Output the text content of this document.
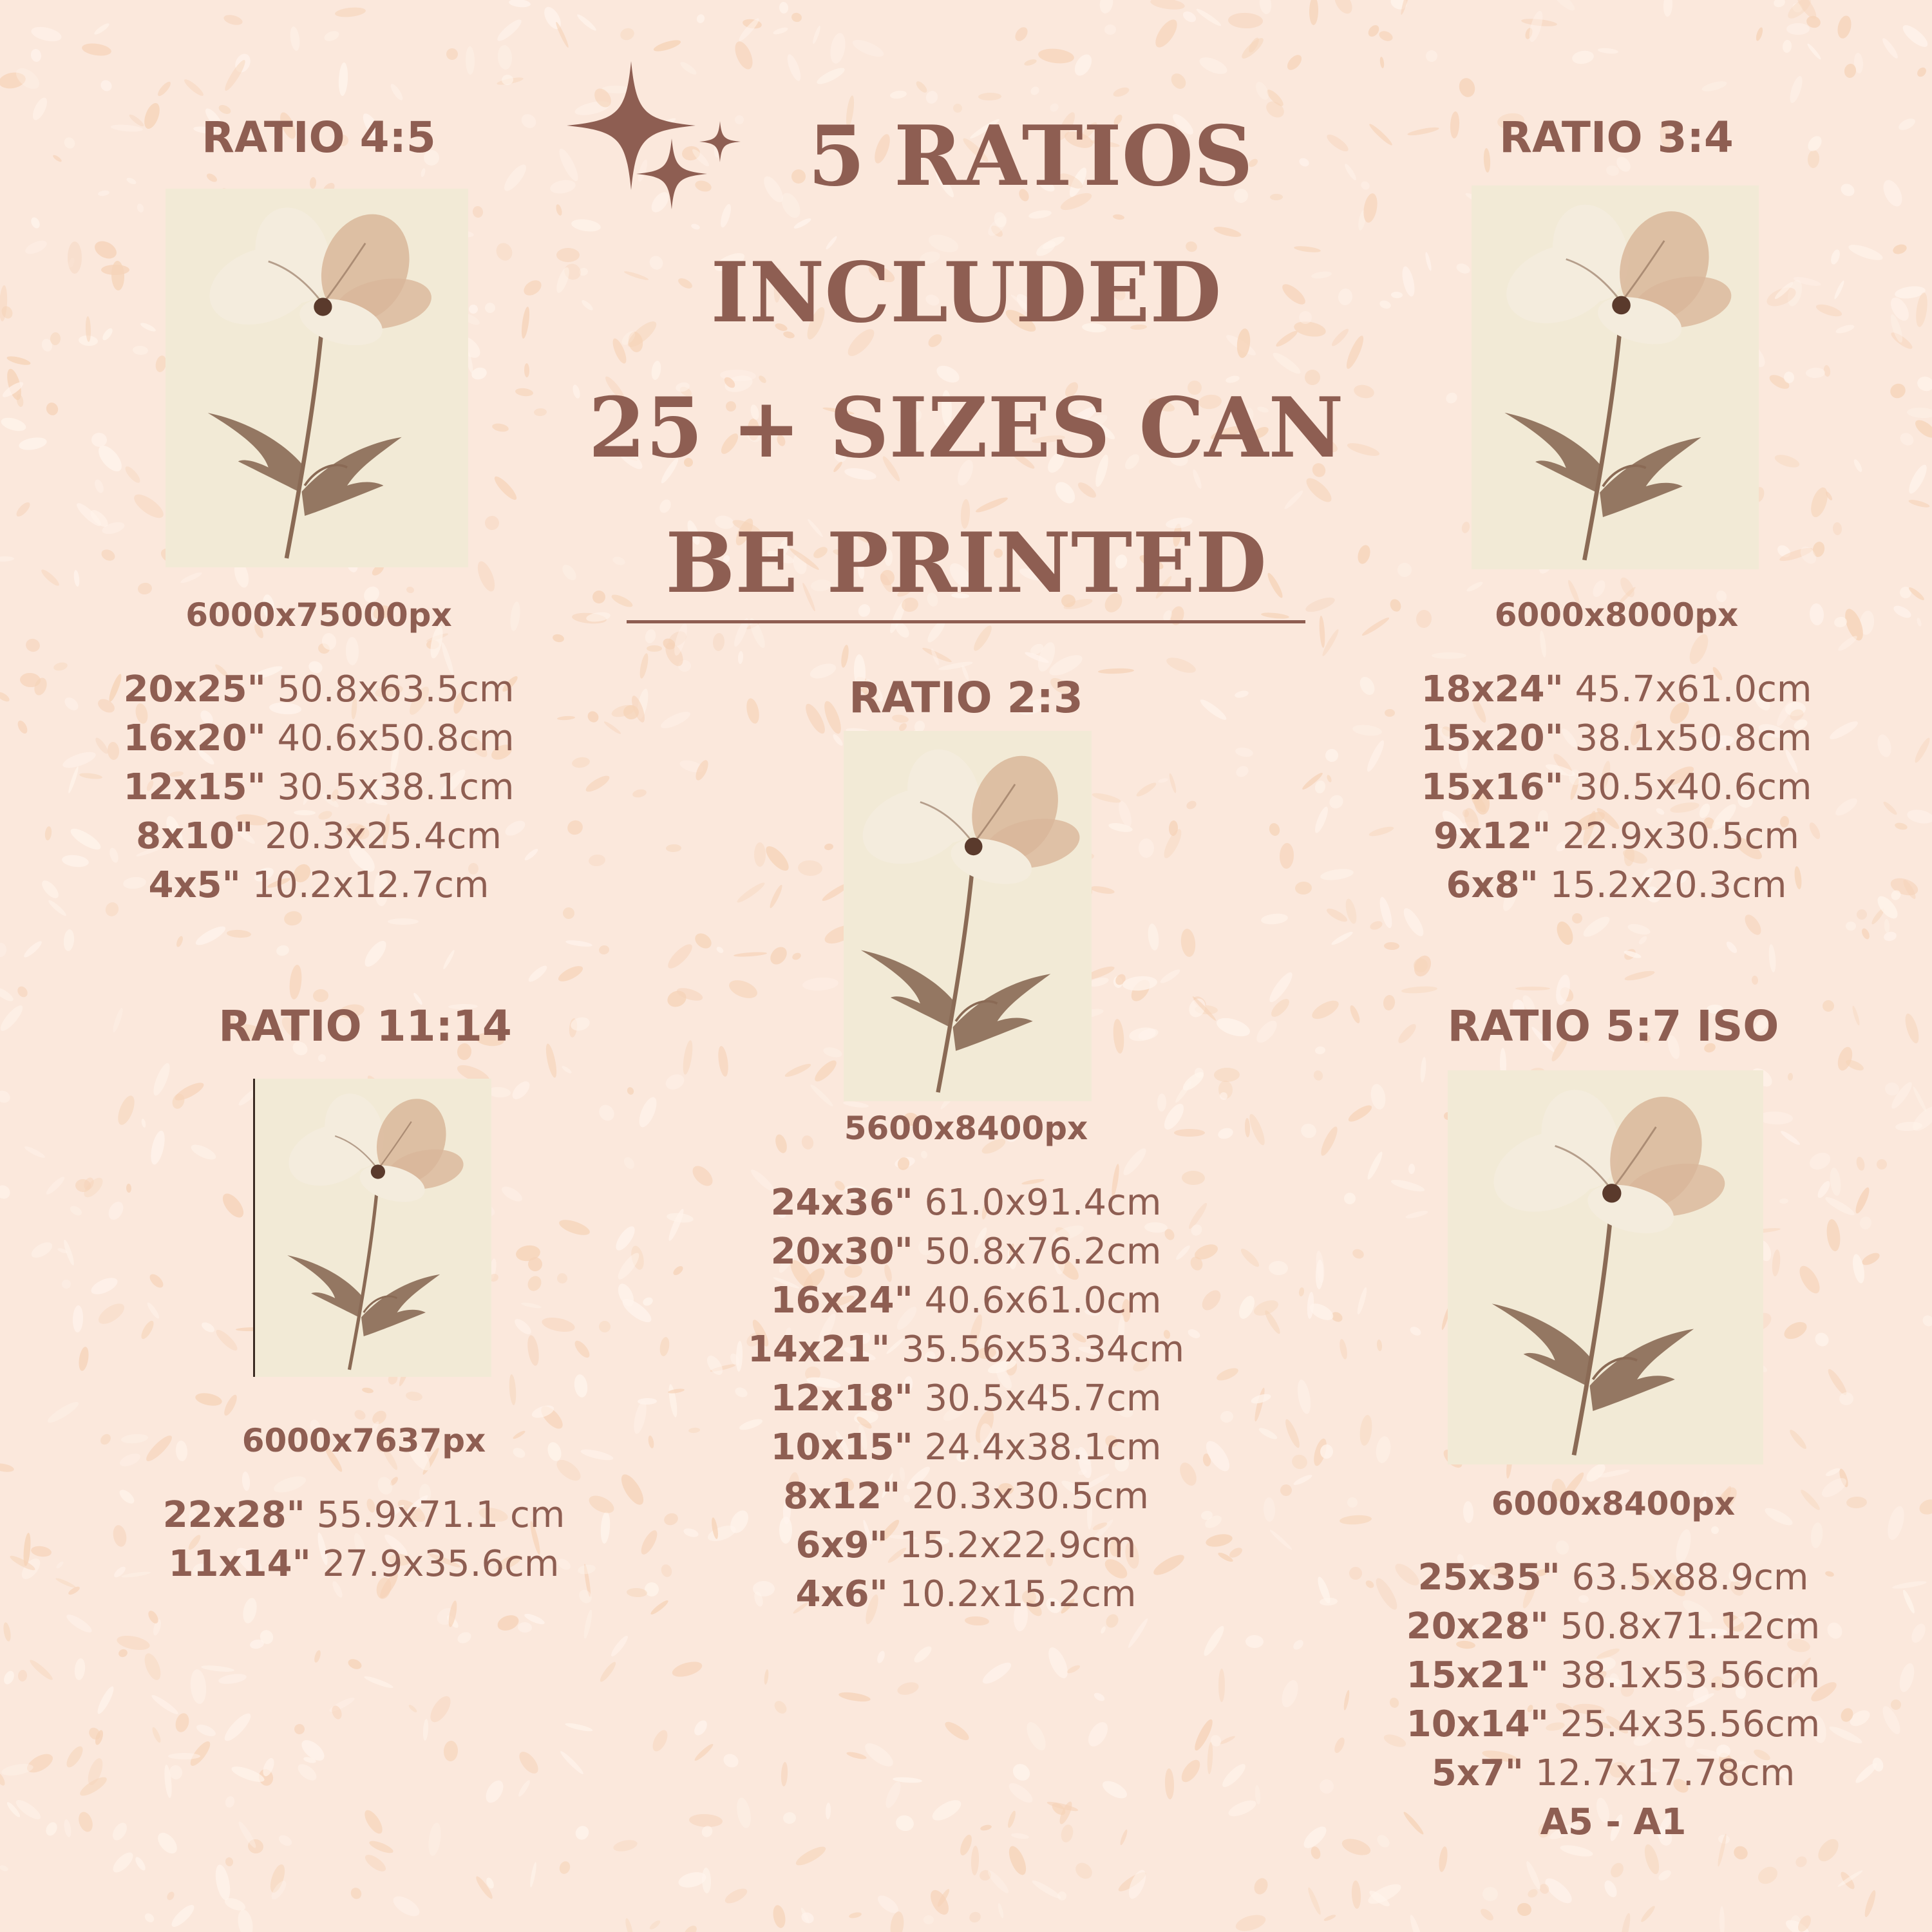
5 RATIOS
INCLUDED
25 + SIZES CAN
BE PRINTED
RATIO 4:5
6000x75000px
20x25" 50.8x63.5cm
16x20" 40.6x50.8cm
12x15" 30.5x38.1cm
8x10" 20.3x25.4cm
4x5" 10.2x12.7cm
RATIO 3:4
6000x8000px
18x24" 45.7x61.0cm
15x20" 38.1x50.8cm
15x16" 30.5x40.6cm
9x12" 22.9x30.5cm
6x8" 15.2x20.3cm
RATIO 2:3
5600x8400px
24x36" 61.0x91.4cm
20x30" 50.8x76.2cm
16x24" 40.6x61.0cm
14x21" 35.56x53.34cm
12x18" 30.5x45.7cm
10x15" 24.4x38.1cm
8x12" 20.3x30.5cm
6x9" 15.2x22.9cm
4x6" 10.2x15.2cm
RATIO 11:14
6000x7637px
22x28" 55.9x71.1 cm
11x14" 27.9x35.6cm
RATIO 5:7 ISO
6000x8400px
25x35" 63.5x88.9cm
20x28" 50.8x71.12cm
15x21" 38.1x53.56cm
10x14" 25.4x35.56cm
5x7" 12.7x17.78cm
A5 - A1
